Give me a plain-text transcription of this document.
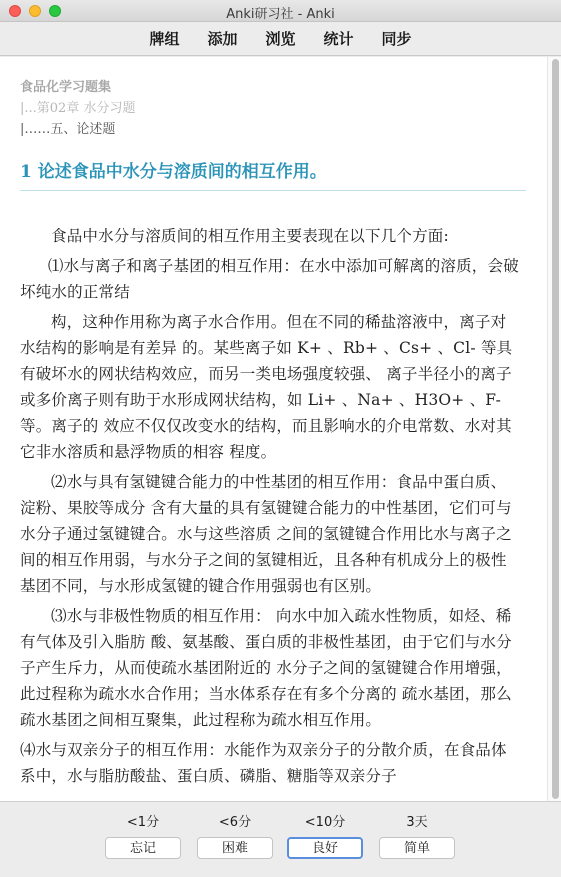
Anki研习社 - Anki
牌组	添加	浏览	统计	同步
食品化学习题集
|...第02章 水分习题
|……五、论述题
1 论述食品中水分与溶质间的相互作用。

食品中水分与溶质间的相互作用主要表现在以下几个方面:

⑴水与离子和离子基团的相互作用：在水中添加可解离的溶质，会破坏纯水的正常结

构，这种作用称为离子水合作用。但在不同的稀盐溶液中，离子对水结构的影响是有差异 的。某些离子如 K+ 、Rb+ 、Cs+ 、Cl- 等具有破坏水的网状结构效应，而另一类电场强度较强、 离子半径小的离子或多价离子则有助于水形成网状结构，如 Li+ 、Na+ 、H3O+ 、F-等。离子的 效应不仅仅改变水的结构，而且影响水的介电常数、水对其它非水溶质和悬浮物质的相容 程度。

⑵水与具有氢键键合能力的中性基团的相互作用：食品中蛋白质、淀粉、果胶等成分 含有大量的具有氢键键合能力的中性基团，它们可与水分子通过氢键键合。水与这些溶质 之间的氢键键合作用比水与离子之间的相互作用弱，与水分子之间的氢键相近，且各种有机成分上的极性基团不同，与水形成氢键的键合作用强弱也有区别。

⑶水与非极性物质的相互作用： 向水中加入疏水性物质，如烃、稀有气体及引入脂肪 酸、氨基酸、蛋白质的非极性基团，由于它们与水分子产生斥力，从而使疏水基团附近的 水分子之间的氢键键合作用增强，此过程称为疏水水合作用；当水体系存在有多个分离的 疏水基团，那么疏水基团之间相互聚集，此过程称为疏水相互作用。

⑷水与双亲分子的相互作用：水能作为双亲分子的分散介质，在食品体系中，水与脂肪酸盐、蛋白质、磷脂、糖脂等双亲分子

<1分
忘记
<6分
困难
<10分
良好
3天
简单
